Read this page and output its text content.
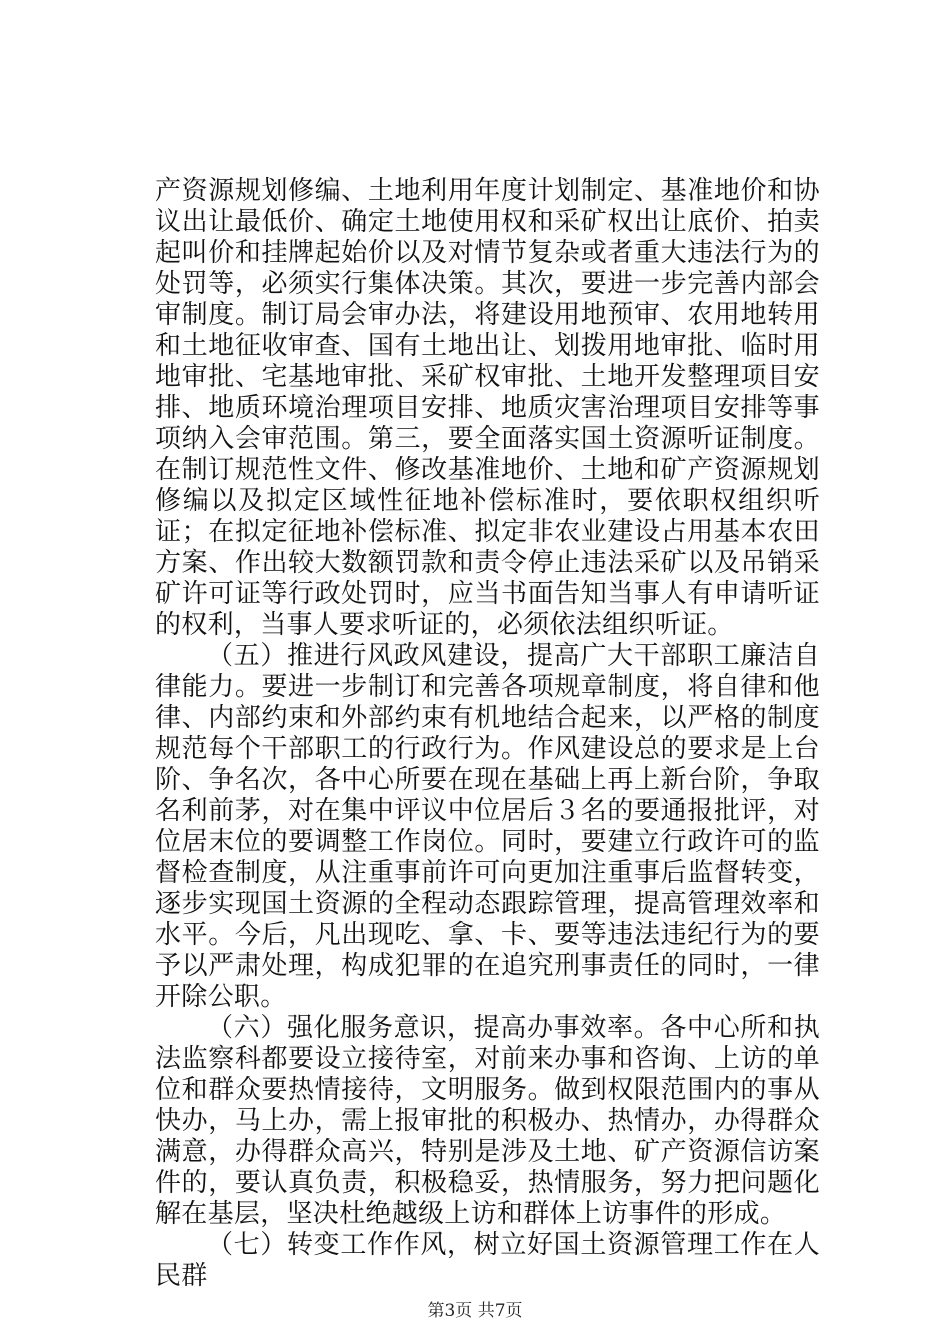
产资源规划修编、土地利用年度计划制定、基准地价和协议出让最低价、确定土地使用权和采矿权出让底价、拍卖起叫价和挂牌起始价以及对情节复杂或者重大违法行为的处罚等，必须实行集体决策。其次，要进一步完善内部会审制度。制订局会审办法，将建设用地预审、农用地转用和土地征收审查、国有土地出让、划拨用地审批、临时用地审批、宅基地审批、采矿权审批、土地开发整理项目安排、地质环境治理项目安排、地质灾害治理项目安排等事项纳入会审范围。第三，要全面落实国土资源听证制度。在制订规范性文件、修改基准地价、土地和矿产资源规划修编以及拟定区域性征地补偿标准时，要依职权组织听证；在拟定征地补偿标准、拟定非农业建设占用基本农田方案、作出较大数额罚款和责令停止违法采矿以及吊销采矿许可证等行政处罚时，应当书面告知当事人有申请听证的权利，当事人要求听证的，必须依法组织听证。

（五）推进行风政风建设，提高广大干部职工廉洁自律能力。要进一步制订和完善各项规章制度，将自律和他律、内部约束和外部约束有机地结合起来，以严格的制度规范每个干部职工的行政行为。作风建设总的要求是上台阶、争名次，各中心所要在现在基础上再上新台阶，争取名利前茅，对在集中评议中位居后３名的要通报批评，对位居末位的要调整工作岗位。同时，要建立行政许可的监督检查制度，从注重事前许可向更加注重事后监督转变，逐步实现国土资源的全程动态跟踪管理，提高管理效率和水平。今后，凡出现吃、拿、卡、要等违法违纪行为的要予以严肃处理，构成犯罪的在追究刑事责任的同时，一律开除公职。

（六）强化服务意识，提高办事效率。各中心所和执法监察科都要设立接待室，对前来办事和咨询、上访的单位和群众要热情接待，文明服务。做到权限范围内的事从快办，马上办，需上报审批的积极办、热情办，办得群众满意，办得群众高兴，特别是涉及土地、矿产资源信访案件的，要认真负责，积极稳妥，热情服务，努力把问题化解在基层，坚决杜绝越级上访和群体上访事件的形成。

（七）转变工作作风，树立好国土资源管理工作在人民群

第3页 共7页
